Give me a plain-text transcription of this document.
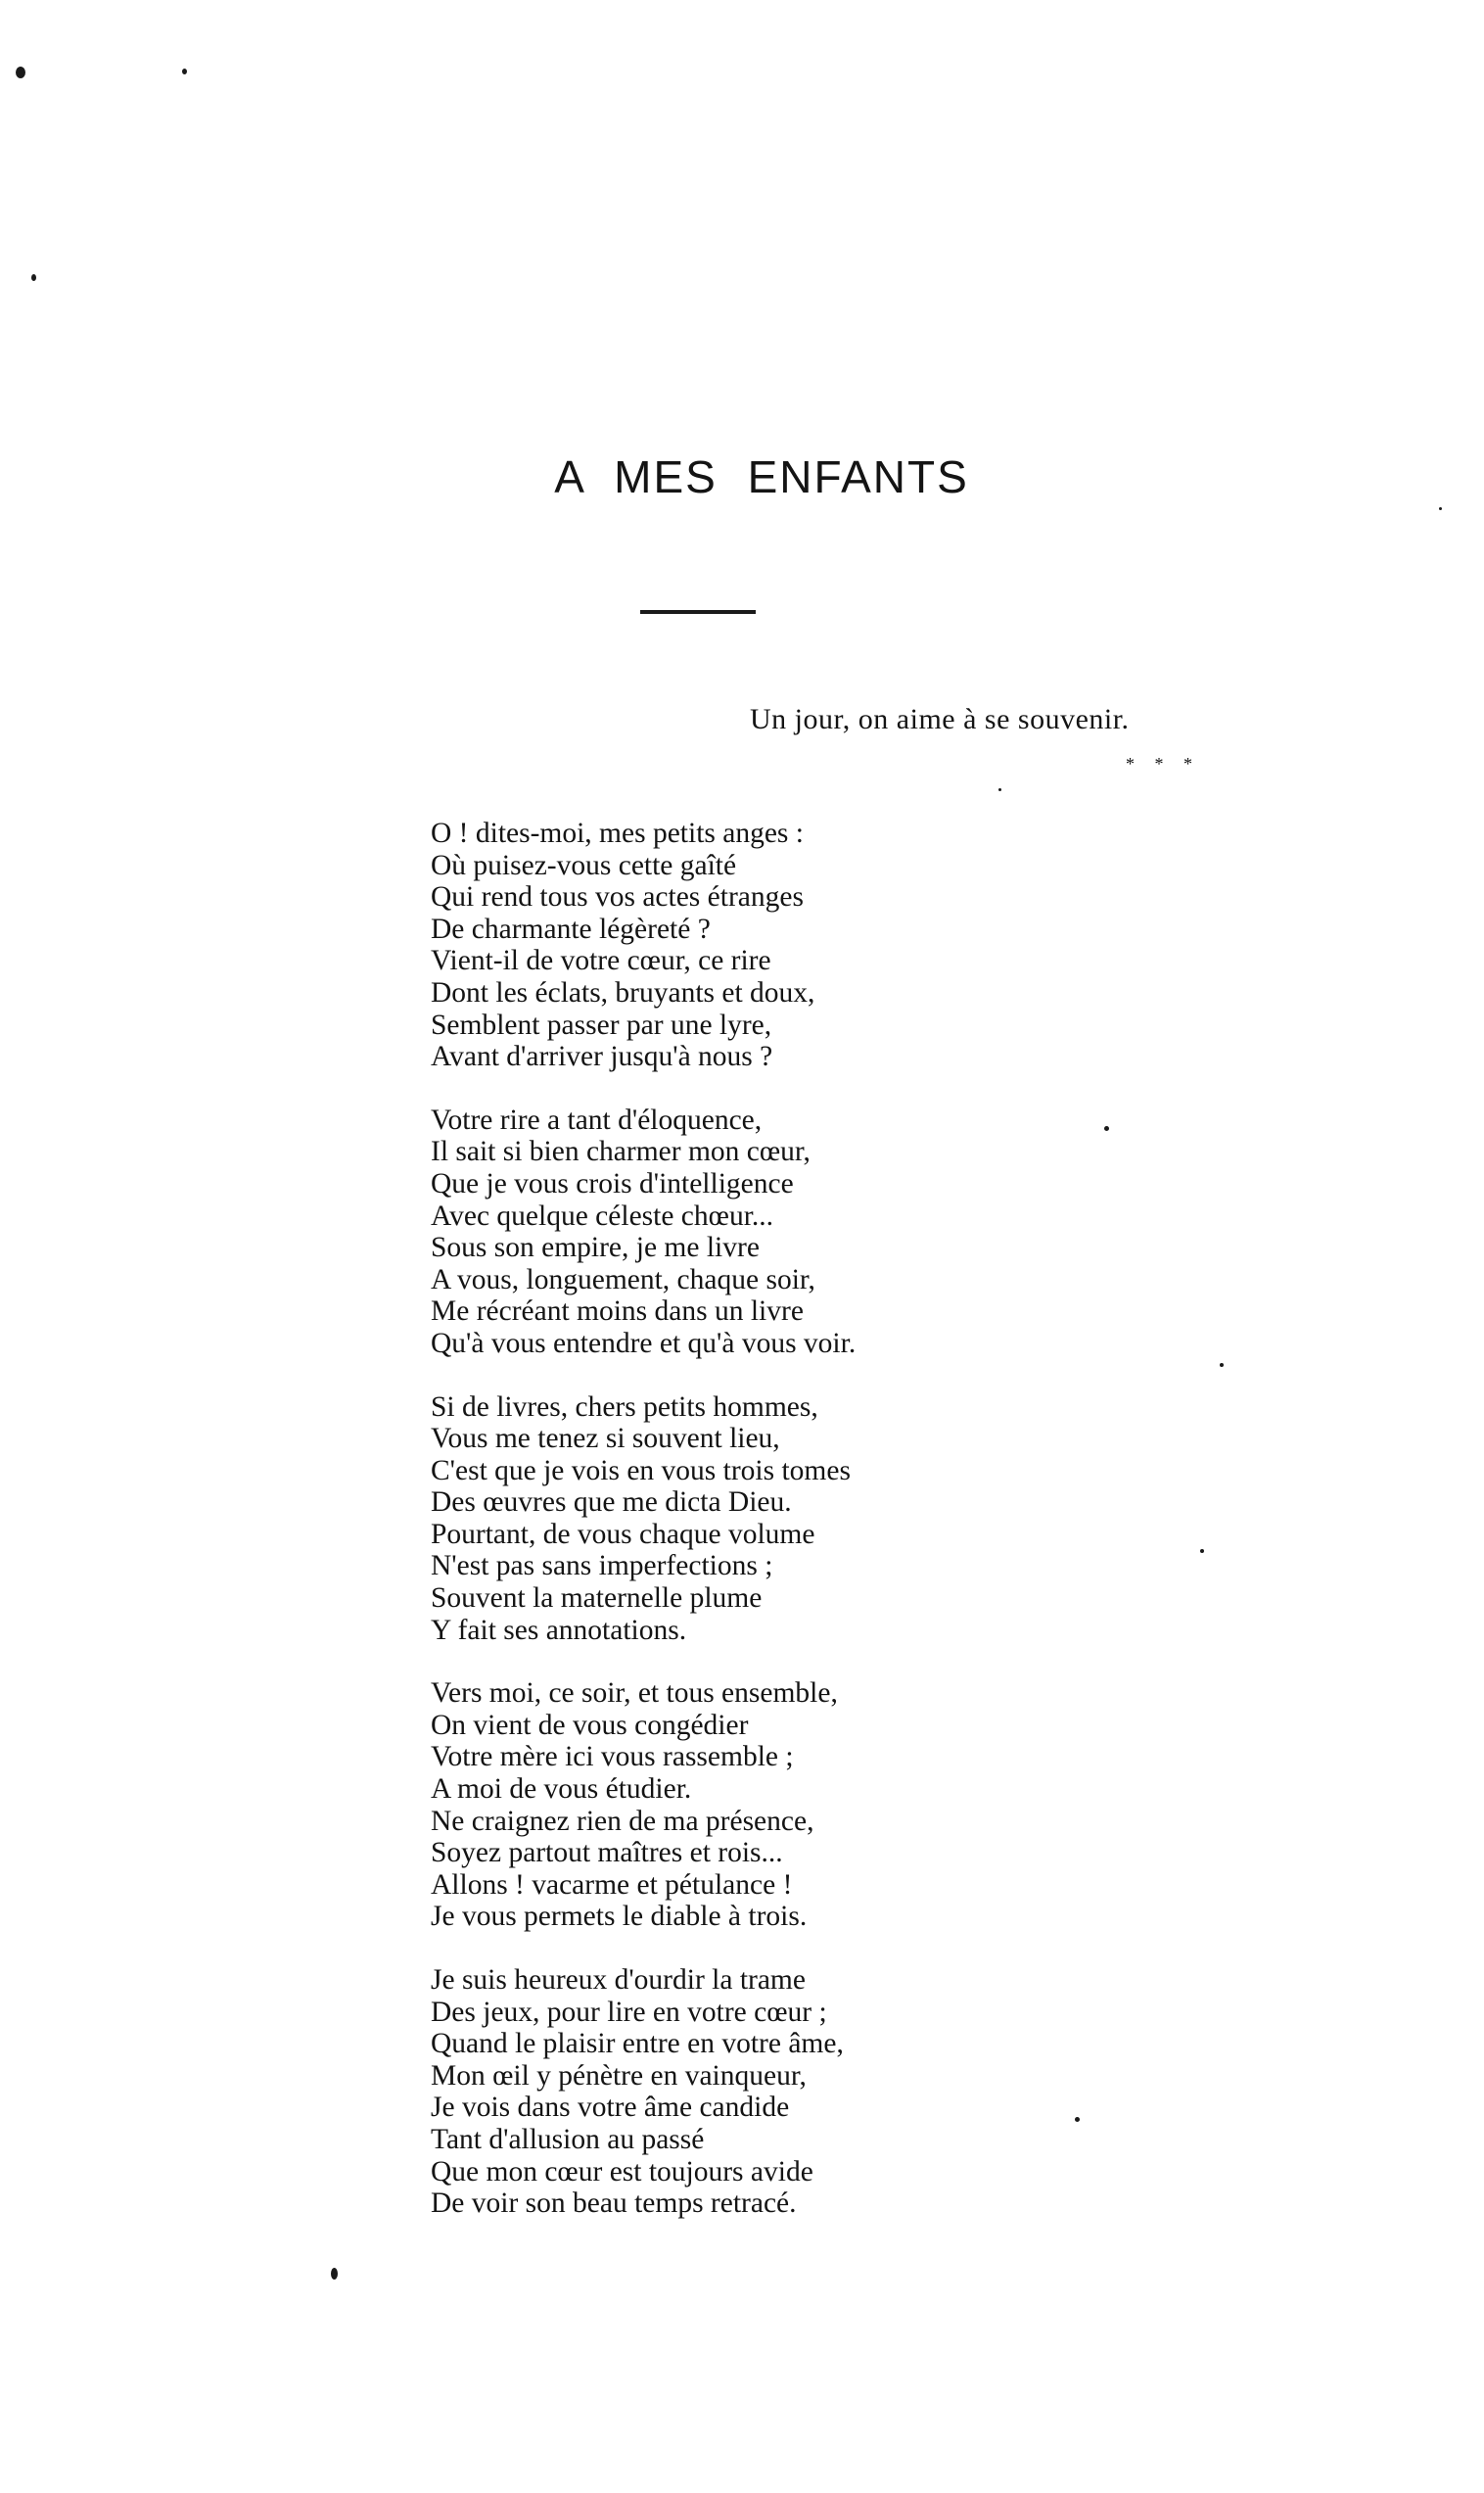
A MES ENFANTS
Un jour, on aime à se souvenir.
* * *
O ! dites-moi, mes petits anges :
Où puisez-vous cette gaîté
Qui rend tous vos actes étranges
De charmante légèreté ?
Vient-il de votre cœur, ce rire
Dont les éclats, bruyants et doux,
Semblent passer par une lyre,
Avant d'arriver jusqu'à nous ?
Votre rire a tant d'éloquence,
Il sait si bien charmer mon cœur,
Que je vous crois d'intelligence
Avec quelque céleste chœur...
Sous son empire, je me livre
A vous, longuement, chaque soir,
Me récréant moins dans un livre
Qu'à vous entendre et qu'à vous voir.
Si de livres, chers petits hommes,
Vous me tenez si souvent lieu,
C'est que je vois en vous trois tomes
Des œuvres que me dicta Dieu.
Pourtant, de vous chaque volume
N'est pas sans imperfections ;
Souvent la maternelle plume
Y fait ses annotations.
Vers moi, ce soir, et tous ensemble,
On vient de vous congédier
Votre mère ici vous rassemble ;
A moi de vous étudier.
Ne craignez rien de ma présence,
Soyez partout maîtres et rois...
Allons ! vacarme et pétulance !
Je vous permets le diable à trois.
Je suis heureux d'ourdir la trame
Des jeux, pour lire en votre cœur ;
Quand le plaisir entre en votre âme,
Mon œil y pénètre en vainqueur,
Je vois dans votre âme candide
Tant d'allusion au passé
Que mon cœur est toujours avide
De voir son beau temps retracé.
